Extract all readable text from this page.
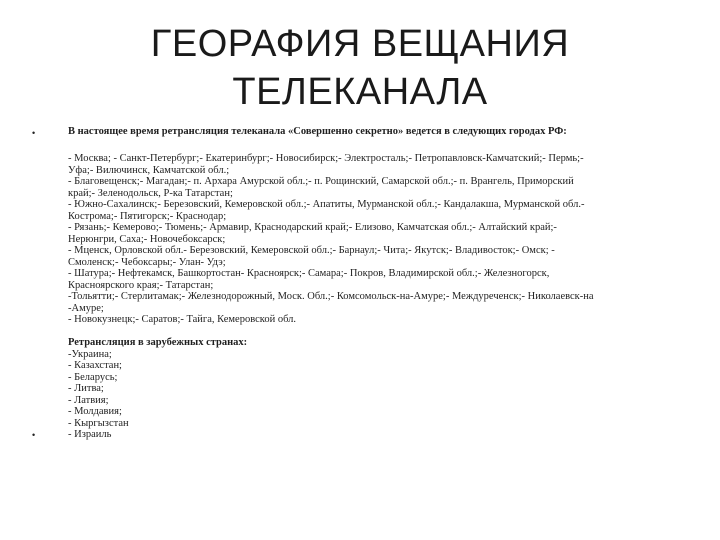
ГЕОРАФИЯ ВЕЩАНИЯ
ТЕЛЕКАНАЛА
•
•
В настоящее время ретрансляция телеканала «Совершенно секретно» ведется в следующих городах РФ:
- Москва; - Санкт-Петербург;- Екатеринбург;- Новосибирск;- Электросталь;- Петропавловск-Камчатский;- Пермь;-
Уфа;- Вилючинск, Камчатской обл.;
- Благовещенск;- Магадан;- п. Архара Амурской обл.;- п. Рощинский, Самарской обл.;- п. Врангель, Приморский
край;- Зеленодольск, Р-ка Татарстан;
- Южно-Сахалинск;- Березовский, Кемеровской обл.;- Апатиты, Мурманской обл.;- Кандалакша, Мурманской обл.-
Кострома;- Пятигорск;- Краснодар;
- Рязань;- Кемерово;- Тюмень;- Армавир, Краснодарский край;- Елизово, Камчатская обл.;- Алтайский край;-
Нерюнгри, Саха;- Новочебоксарск;
- Мценск, Орловской обл.- Березовский, Кемеровской обл.;- Барнаул;- Чита;- Якутск;- Владивосток;- Омск; -
Смоленск;- Чебоксары;- Улан- Удэ;
- Шатура;- Нефтекамск, Башкортостан- Красноярск;- Самара;- Покров, Владимирской обл.;- Железногорск,
Красноярского края;- Татарстан;
-Тольятти;- Стерлитамак;- Железнодорожный, Моск. Обл.;- Комсомольск-на-Амуре;- Междуреченск;- Николаевск-на
-Амуре;
- Новокузнецк;- Саратов;- Тайга, Кемеровской обл.
Ретрансляция в зарубежных странах:
-Украина;
- Казахстан;
- Беларусь;
- Литва;
- Латвия;
- Молдавия;
- Кыргызстан
- Израиль
